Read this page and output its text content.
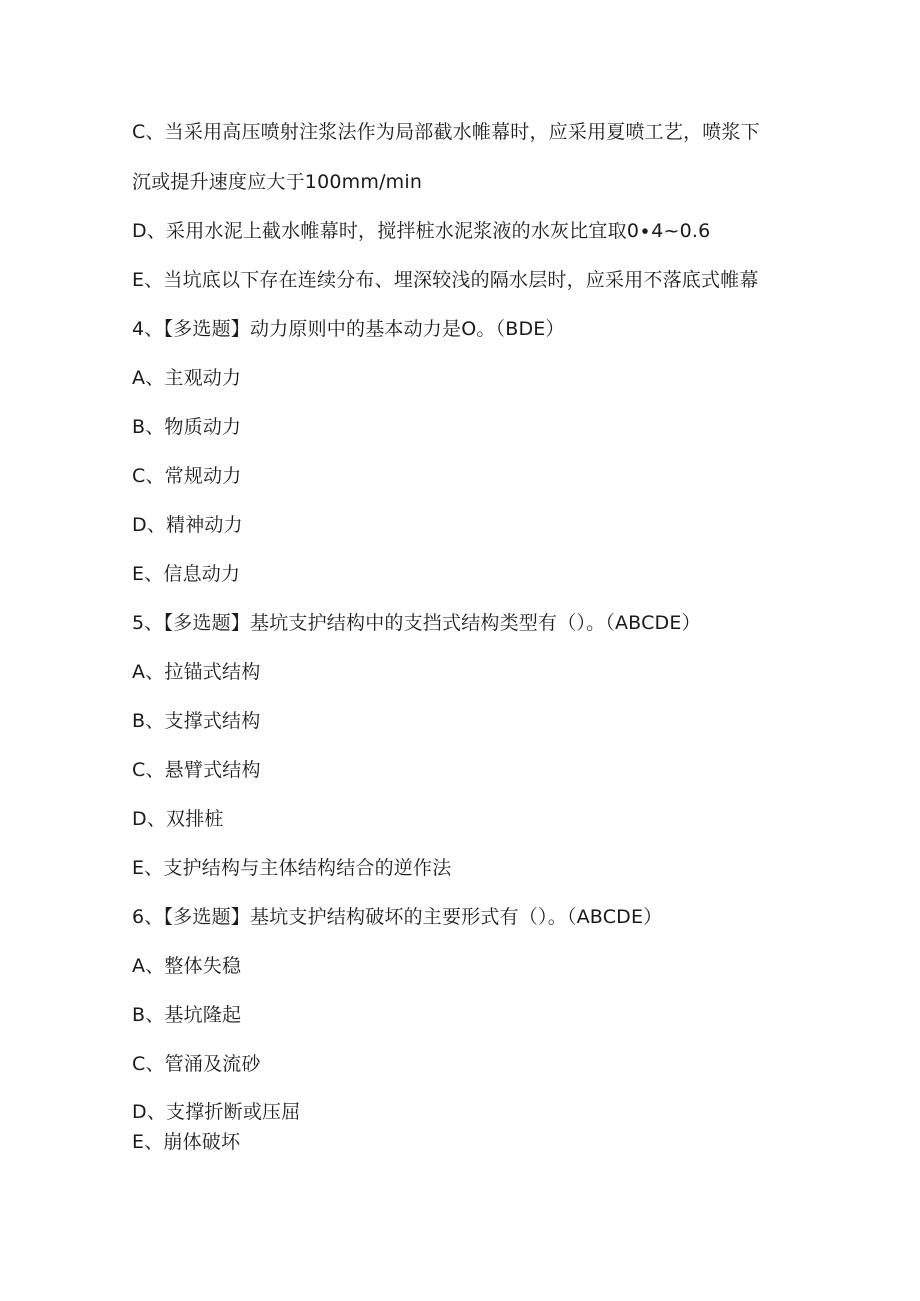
C、当采用高压喷射注浆法作为局部截水帷幕时，应采用夏喷工艺，喷浆下
沉或提升速度应大于100mm∕min
D、采用水泥上截水帷幕时，搅拌桩水泥浆液的水灰比宜取0∙4~0.6
E、当坑底以下存在连续分布、埋深较浅的隔水层时，应采用不落底式帷幕
4、【多选题】动力原则中的基本动力是O。（BDE）
A、主观动力
B、物质动力
C、常规动力
D、精神动力
E、信息动力
5、【多选题】基坑支护结构中的支挡式结构类型有（）。（ABCDE）
A、拉锚式结构
B、支撑式结构
C、悬臂式结构
D、双排桩
E、支护结构与主体结构结合的逆作法
6、【多选题】基坑支护结构破坏的主要形式有（）。（ABCDE）
A、整体失稳
B、基坑隆起
C、管涌及流砂
D、支撑折断或压屈
E、崩体破坏
